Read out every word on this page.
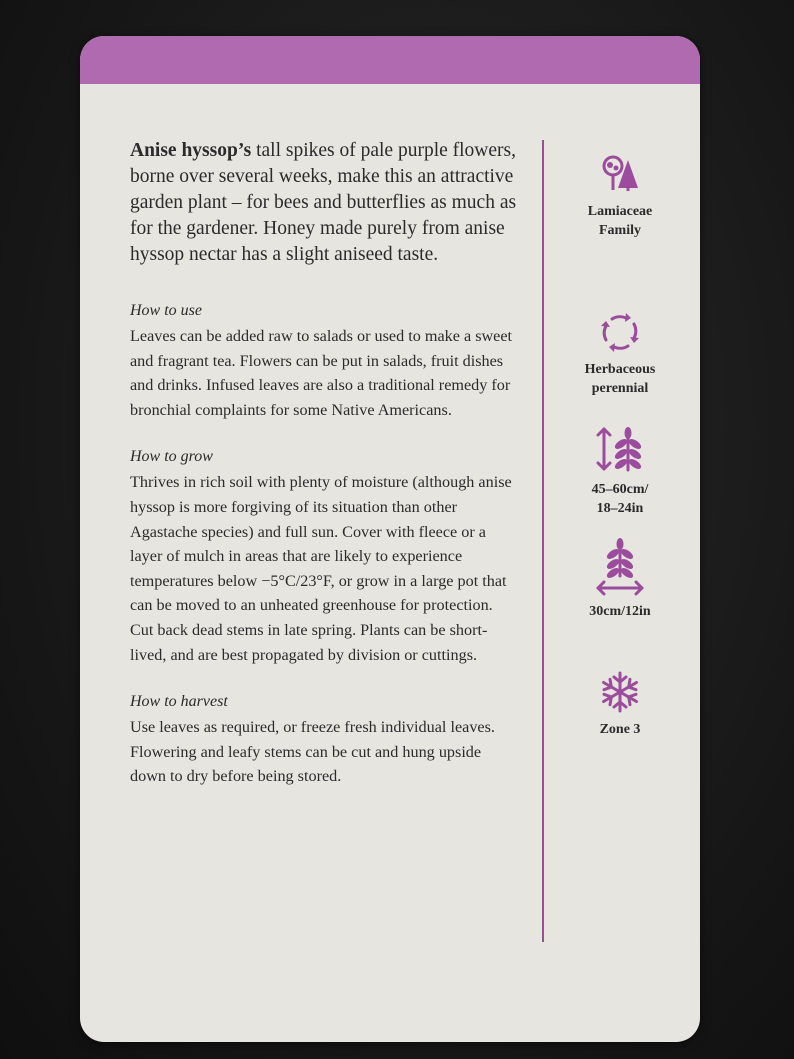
Anise hyssop’s tall spikes of pale purple flowers, borne over several weeks, make this an attractive garden plant – for bees and butterflies as much as for the gardener. Honey made purely from anise hyssop nectar has a slight aniseed taste.

How to use

Leaves can be added raw to salads or used to make a sweet and fragrant tea. Flowers can be put in salads, fruit dishes and drinks. Infused leaves are also a traditional remedy for bronchial complaints for some Native Americans.

How to grow

Thrives in rich soil with plenty of moisture (although anise hyssop is more forgiving of its situation than other Agastache species) and full sun. Cover with fleece or a layer of mulch in areas that are likely to experience temperatures below −5°C/23°F, or grow in a large pot that can be moved to an unheated greenhouse for protection. Cut back dead stems in late spring. Plants can be short-lived, and are best propagated by division or cuttings.

How to harvest

Use leaves as required, or freeze fresh individual leaves. Flowering and leafy stems can be cut and hung upside down to dry before being stored.

Lamiaceae
Family
Herbaceous
perennial
45–60cm/
18–24in
30cm/12in
Zone 3
